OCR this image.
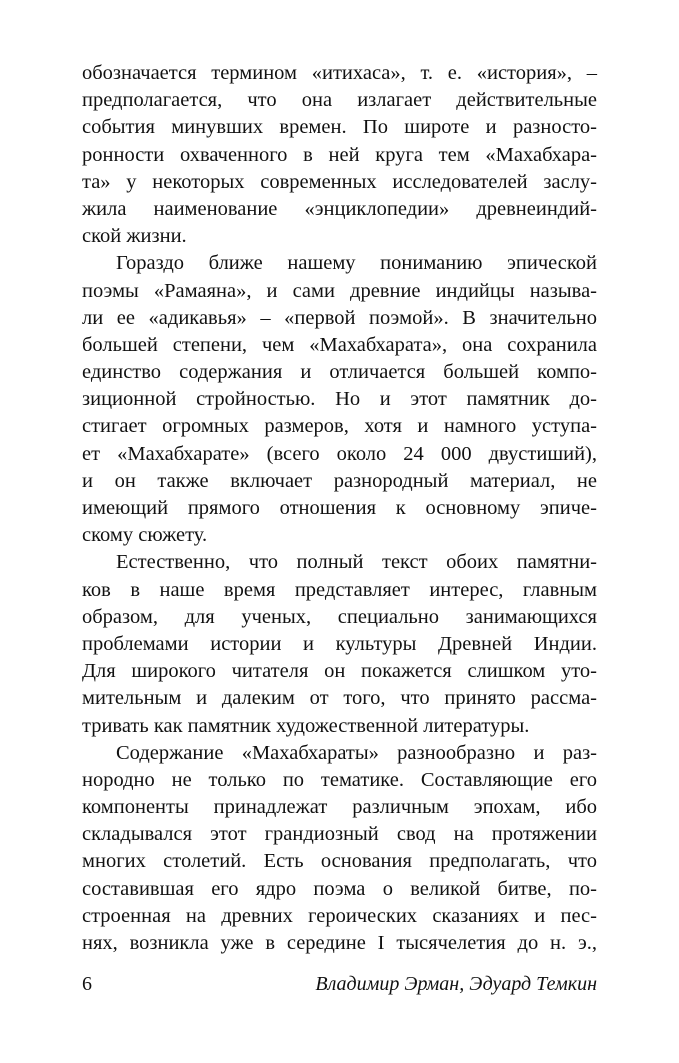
обозначается термином «итихаса», т. е. «история», –
предполагается, что она излагает действительные
события минувших времен. По широте и разносто-
ронности охваченного в ней круга тем «Махабхара-
та» у некоторых современных исследователей заслу-
жила наименование «энциклопедии» древнеиндий-
ской жизни.
Гораздо ближе нашему пониманию эпической
поэмы «Рамаяна», и сами древние индийцы называ-
ли ее «адикавья» – «первой поэмой». В значительно
большей степени, чем «Махабхарата», она сохранила
единство содержания и отличается большей компо-
зиционной стройностью. Но и этот памятник до-
стигает огромных размеров, хотя и намного уступа-
ет «Махабхарате» (всего около 24 000 двустиший),
и он также включает разнородный материал, не
имеющий прямого отношения к основному эпиче-
скому сюжету.
Естественно, что полный текст обоих памятни-
ков в наше время представляет интерес, главным
образом, для ученых, специально занимающихся
проблемами истории и культуры Древней Индии.
Для широкого читателя он покажется слишком уто-
мительным и далеким от того, что принято рассма-
тривать как памятник художественной литературы.
Содержание «Махабхараты» разнообразно и раз-
нородно не только по тематике. Составляющие его
компоненты принадлежат различным эпохам, ибо
складывался этот грандиозный свод на протяжении
многих столетий. Есть основания предполагать, что
составившая его ядро поэма о великой битве, по-
строенная на древних героических сказаниях и пес-
нях, возникла уже в середине I тысячелетия до н. э.,
6	Владимир Эрман, Эдуард Темкин
